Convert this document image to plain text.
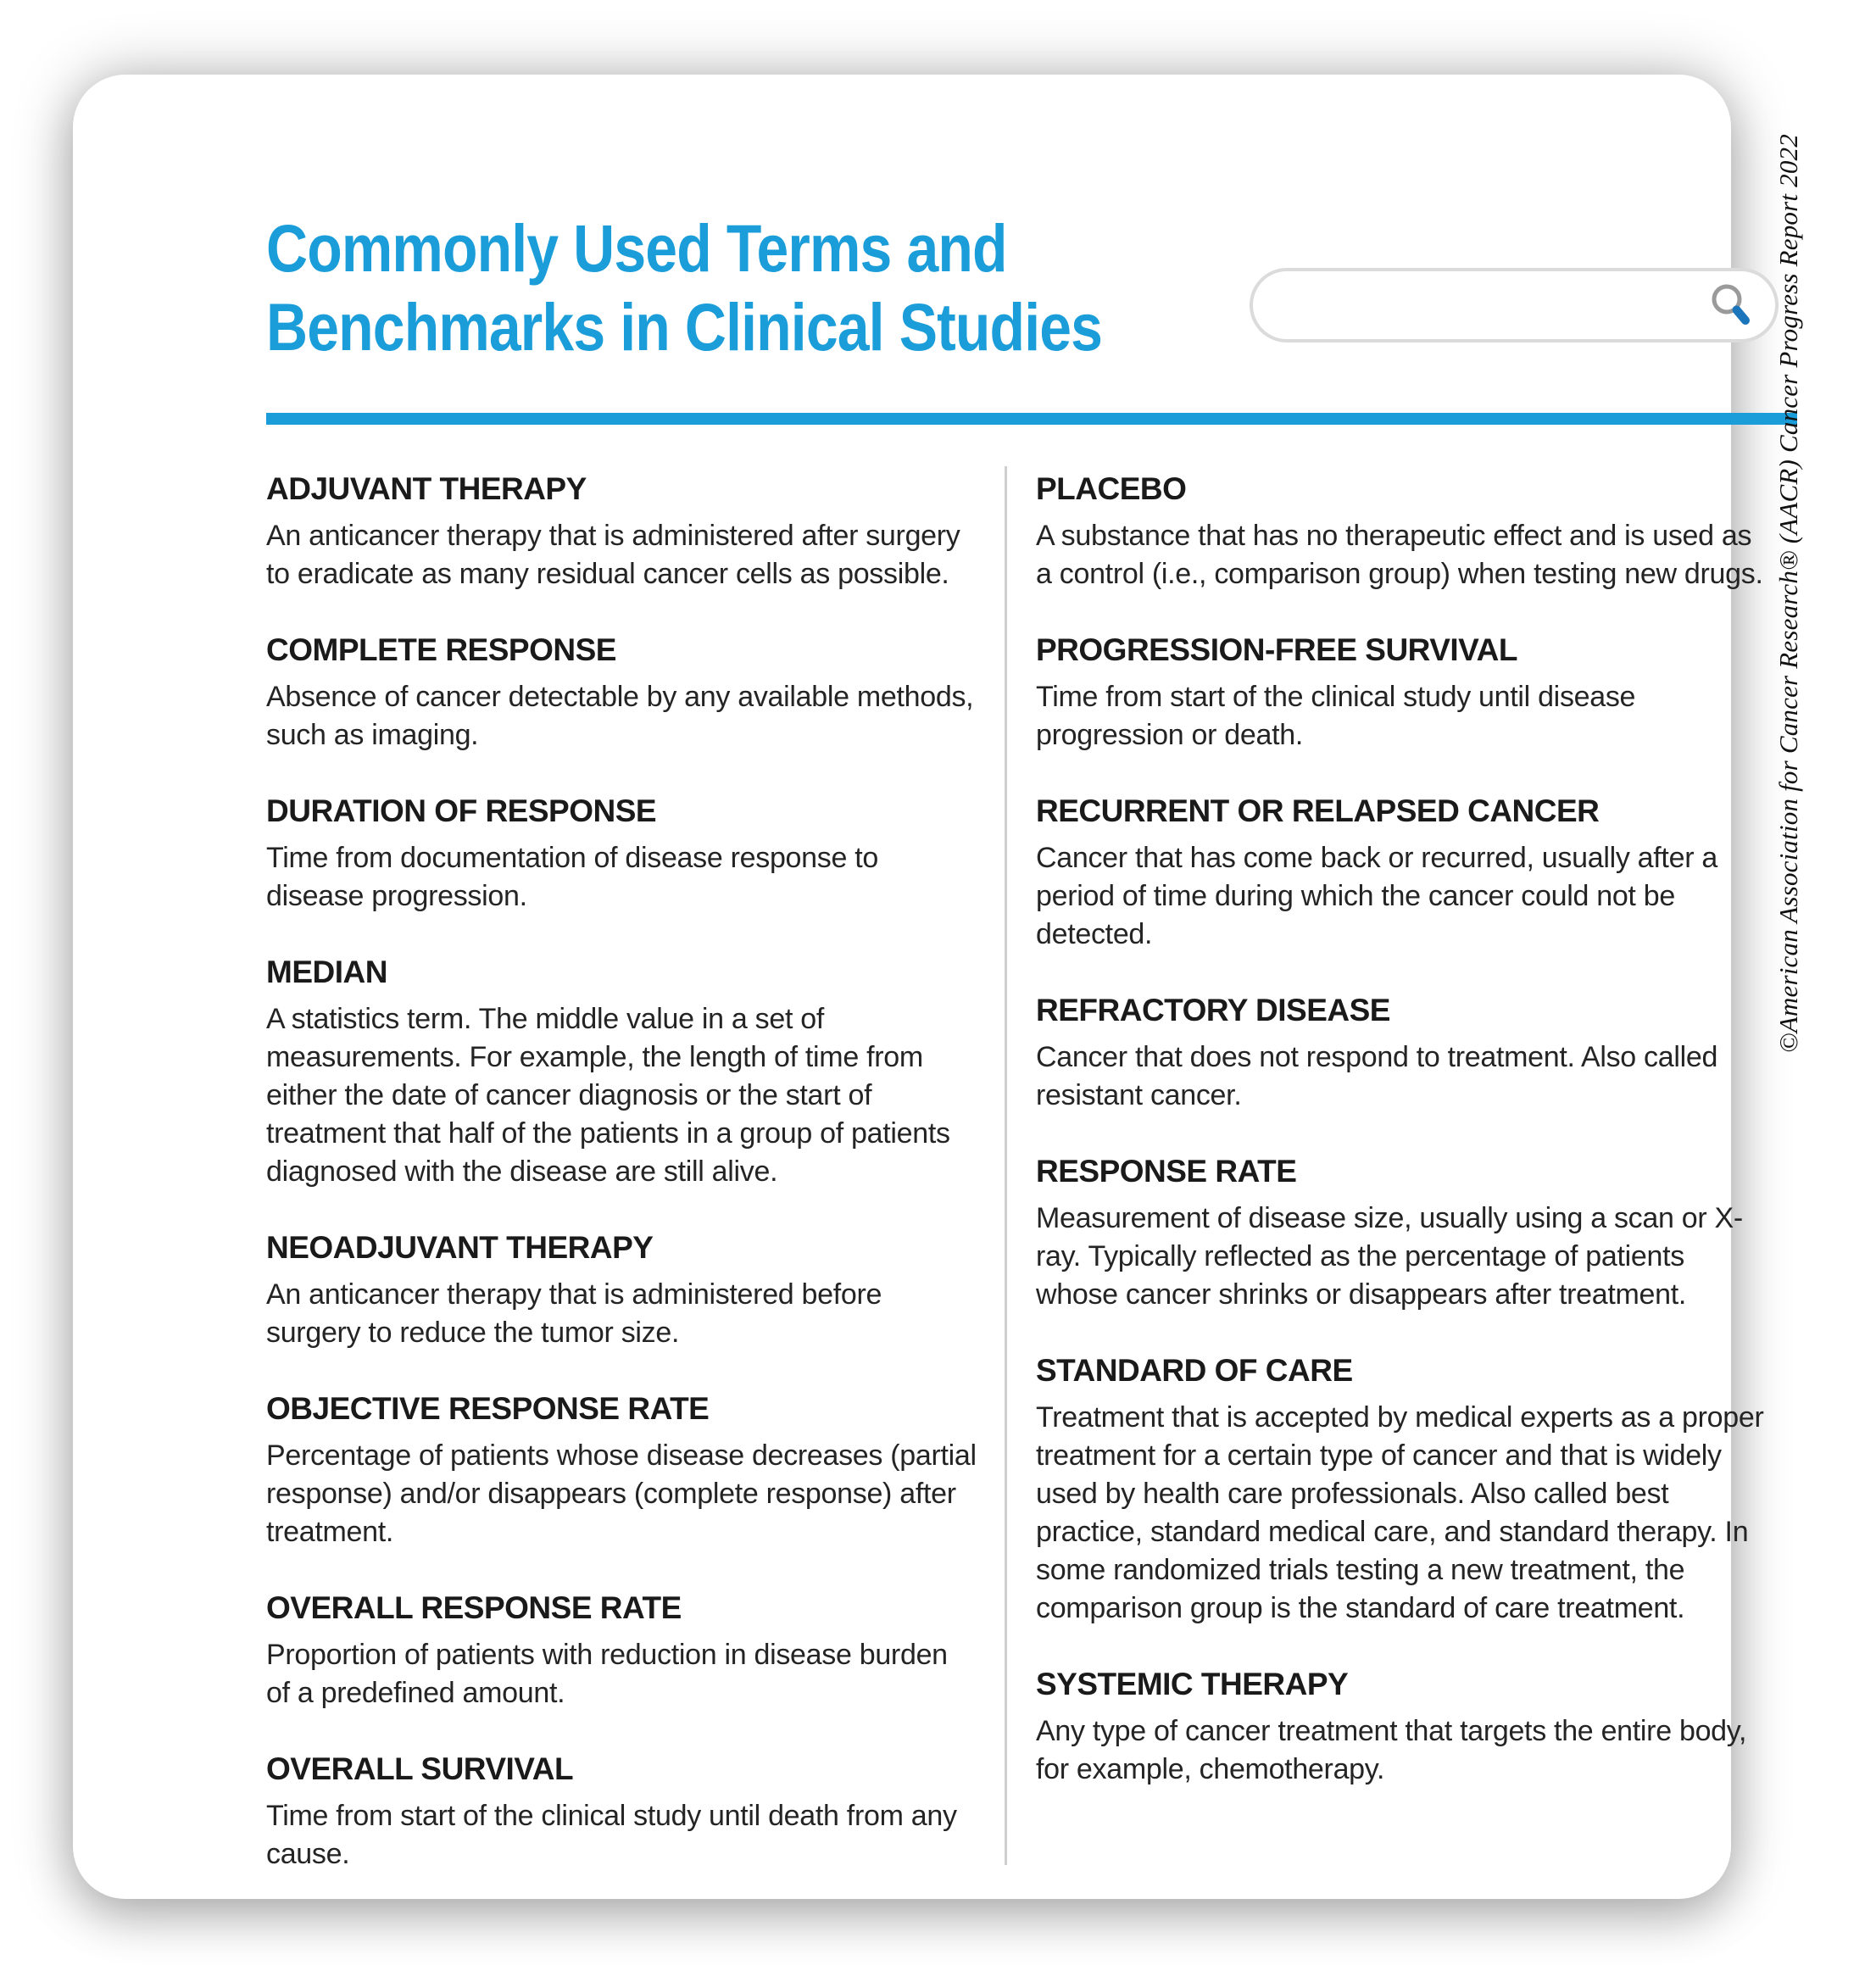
Commonly Used Terms and
Benchmarks in Clinical Studies
ADJUVANT THERAPY
An anticancer therapy that is administered after surgery to eradicate as many residual cancer cells as possible.
COMPLETE RESPONSE
Absence of cancer detectable by any available methods, such as imaging.
DURATION OF RESPONSE
Time from documentation of disease response to disease progression.
MEDIAN
A statistics term. The middle value in a set of measurements. For example, the length of time from either the date of cancer diagnosis or the start of treatment that half of the patients in a group of patients diagnosed with the disease are still alive.
NEOADJUVANT THERAPY
An anticancer therapy that is administered before surgery to reduce the tumor size.
OBJECTIVE RESPONSE RATE
Percentage of patients whose disease decreases (partial response) and/or disappears (complete response) after treatment.
OVERALL RESPONSE RATE
Proportion of patients with reduction in disease burden of a predefined amount.
OVERALL SURVIVAL
Time from start of the clinical study until death from any cause.
PLACEBO
A substance that has no therapeutic effect and is used as a control (i.e., comparison group) when testing new drugs.
PROGRESSION-FREE SURVIVAL
Time from start of the clinical study until disease progression or death.
RECURRENT OR RELAPSED CANCER
Cancer that has come back or recurred, usually after a period of time during which the cancer could not be detected.
REFRACTORY DISEASE
Cancer that does not respond to treatment. Also called resistant cancer.
RESPONSE RATE
Measurement of disease size, usually using a scan or X-ray. Typically reflected as the percentage of patients whose cancer shrinks or disappears after treatment.
STANDARD OF CARE
Treatment that is accepted by medical experts as a proper treatment for a certain type of cancer and that is widely used by health care professionals. Also called best practice, standard medical care, and standard therapy. In some randomized trials testing a new treatment, the comparison group is the standard of care treatment.
SYSTEMIC THERAPY
Any type of cancer treatment that targets the entire body, for example, chemotherapy.
©American Association for Cancer Research® (AACR) Cancer Progress Report 2022
